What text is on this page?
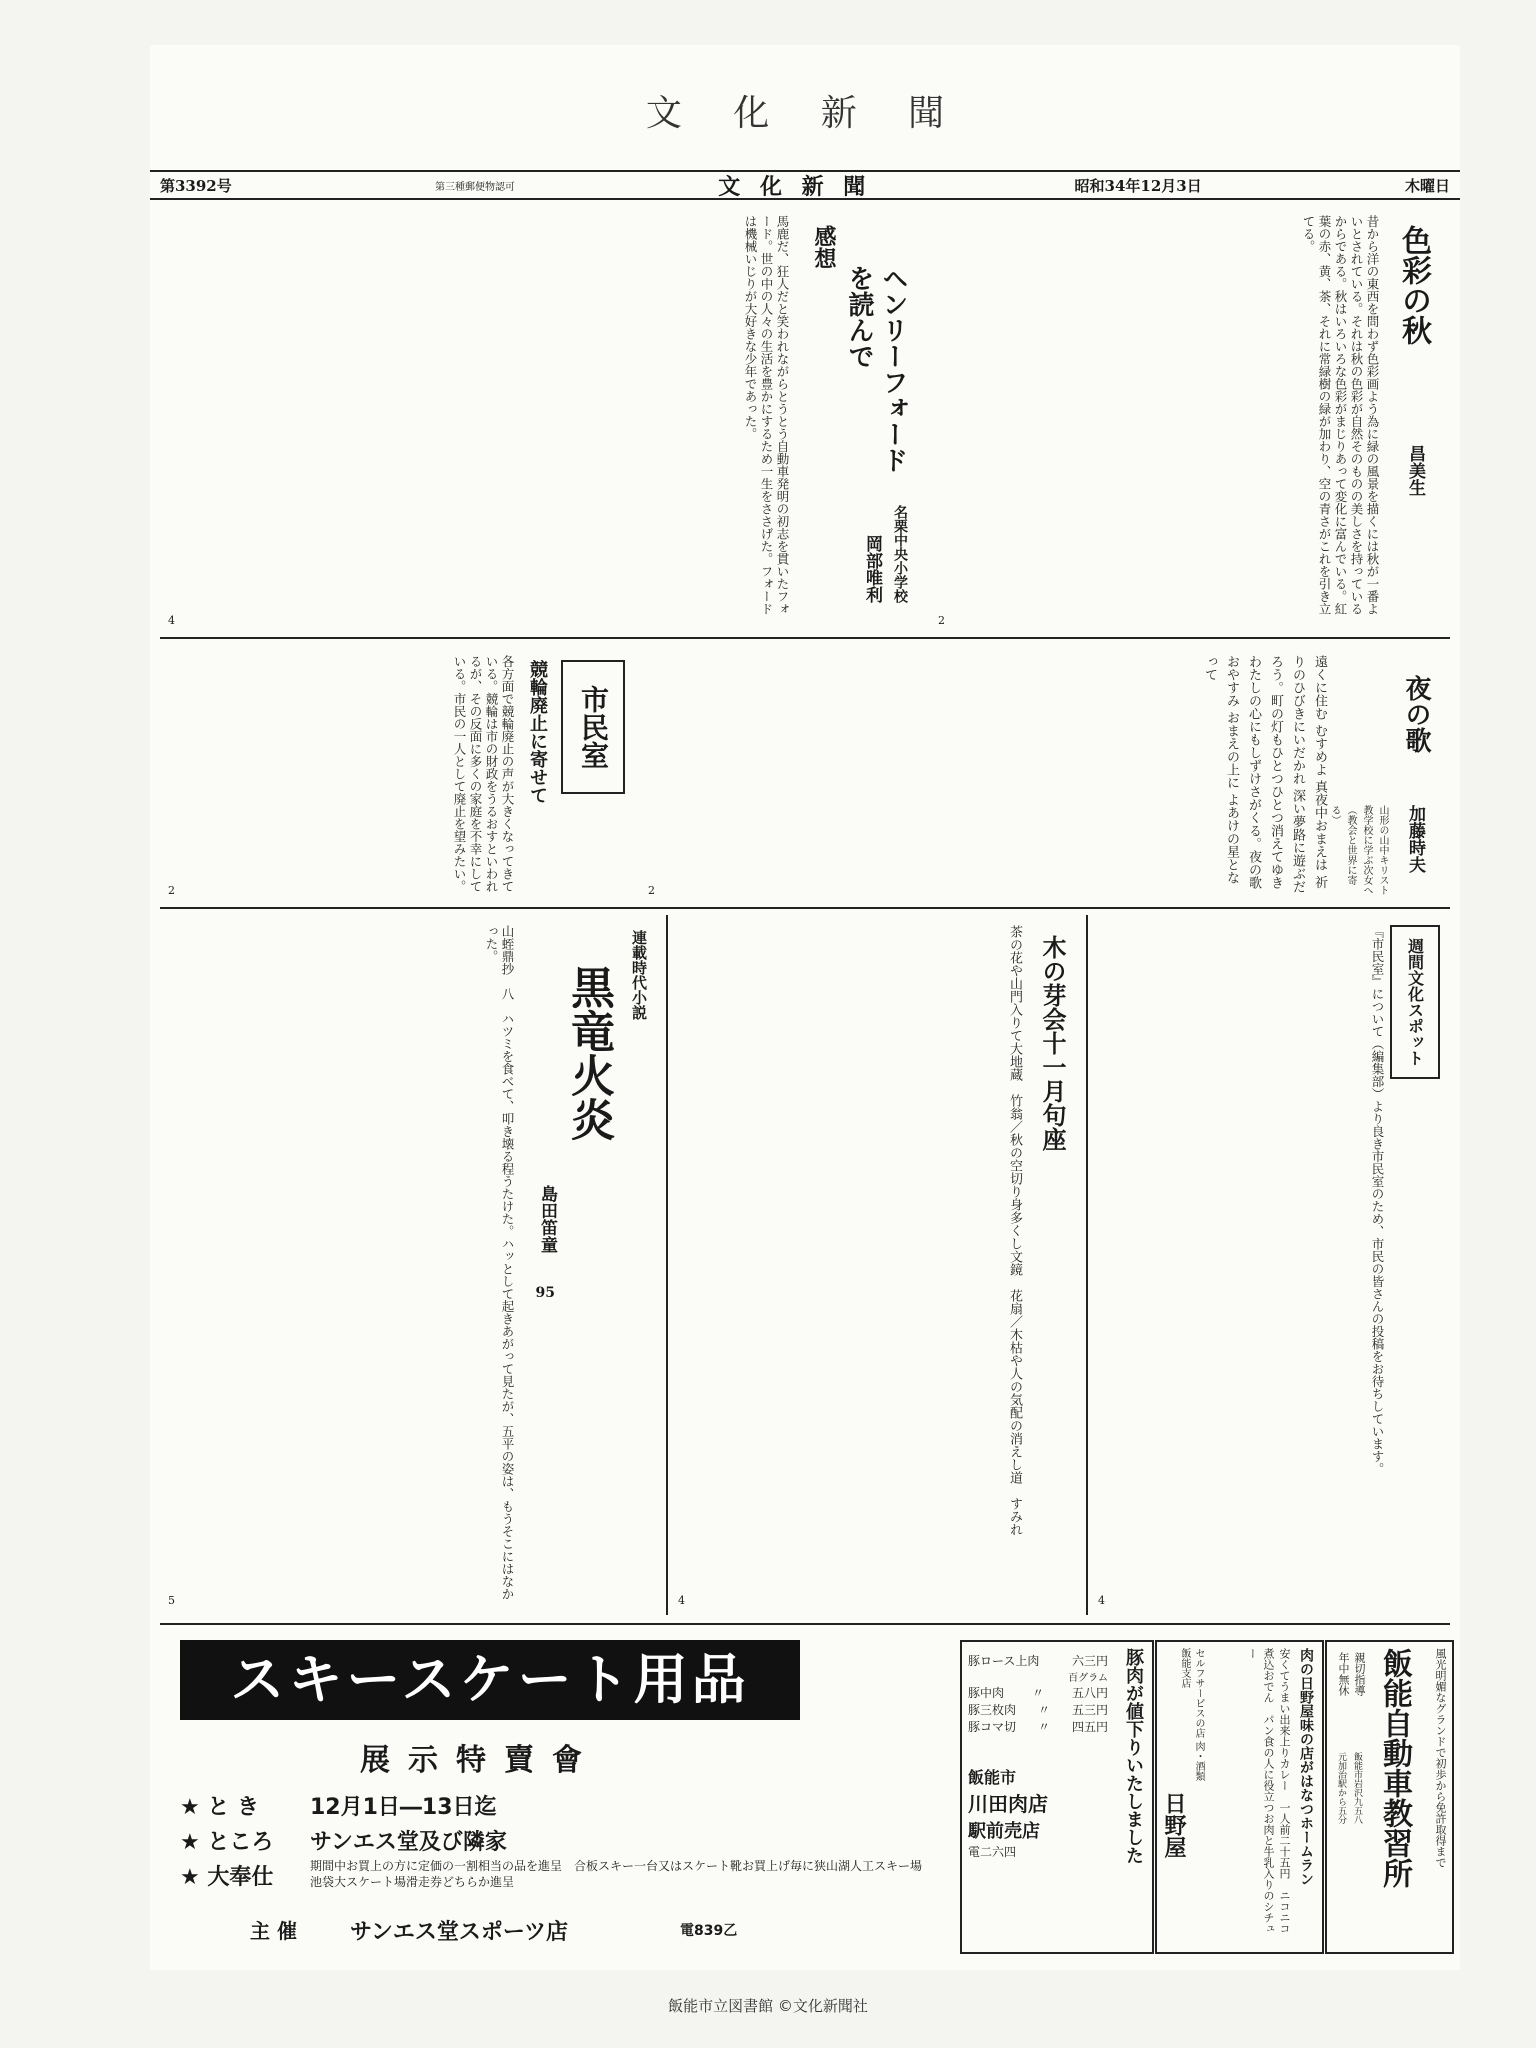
文 化 新 聞
第3392号	第三種郵便物認可	文 化 新 聞	昭和34年12月3日	木曜日
色彩の秋
昌美生
昔から洋の東西を問わず色彩画よう為に緑の風景を描くには秋が一番よいとされている。それは秋の色彩が自然そのものの美しさを持っているからである。秋はいろいろな色彩がまじりあって変化に富んでいる。紅葉の赤、黄、茶、それに常緑樹の緑が加わり、空の青さがこれを引き立てる。
2
感想
ヘンリーフォードを読んで
名栗中央小学校
岡部唯利
馬鹿だ、狂人だと笑われながらとうとう自動車発明の初志を貫いたフォード。世の中の人々の生活を豊かにするため一生をささげた。フォードは機械いじりが大好きな少年であった。
4
夜の歌
加藤時夫
山形の山中キリスト教学校に学ぶ次女へ（教会と世界に寄る）
遠くに住む むすめよ 真夜中おまえは 祈りのひびきにいだかれ 深い夢路に遊ぶだろう。町の灯もひとつひとつ消えてゆき わたしの心にもしずけさがくる。夜の歌 おやすみ おまえの上に よあけの星となって
2
市民室
競輪廃止に寄せて
各方面で競輪廃止の声が大きくなってきている。競輪は市の財政をうるおすといわれるが、その反面に多くの家庭を不幸にしている。市民の一人として廃止を望みたい。
2
週間文化スポット
『市民室』について（編集部）より良き市民室のため、市民の皆さんの投稿をお待ちしています。
4
木の芽会十一月句座
茶の花や山門入りて大地蔵　竹翁／秋の空切り身多くし文鏡　花扇／木枯や人の気配の消えし道　すみれ
4
連載時代小説
黒竜火炎
島田笛童
95
山蛭鼎抄　八　ハツミを食べて、叩き壊る程うたけた。ハッとして起きあがって見たが、五平の姿は、もうそこにはなかった。
5
スキースケート用品
展示特賣會
★ と き 12月1日―13日迄
★ ところ サンエス堂及び隣家
★ 大奉仕	期間中お買上の方に定価の一割相当の品を進呈　合板スキー一台又はスケート靴お買上げ毎に狭山湖人工スキー場　池袋大スケート場滑走券どちらか進呈
主 催 サンエス堂スポーツ店	電839乙
豚肉が値下りいたしました
豚ロース上肉	六三円
百グラム
豚中肉 〃 五八円
豚三枚肉 〃 五三円
豚コマ切 〃 四五円
飯能市
川田肉店
駅前売店
電二六四	肉の日野屋味の店がはなつホームラン
安くてうまい出来上りカレー　一人前二十五円　ニコニコ煮込おでん　パン食の人に役立つお肉と牛乳入りのシチュー
セルフサービスの店 肉・酒類
飯能支店
日野屋	風光明媚なグランドで初歩から免許取得まで
飯能自動車教習所
親切指導
年中無休
飯能市岩沢九五八
元加治駅から五分
飯能市立図書館 ©文化新聞社
